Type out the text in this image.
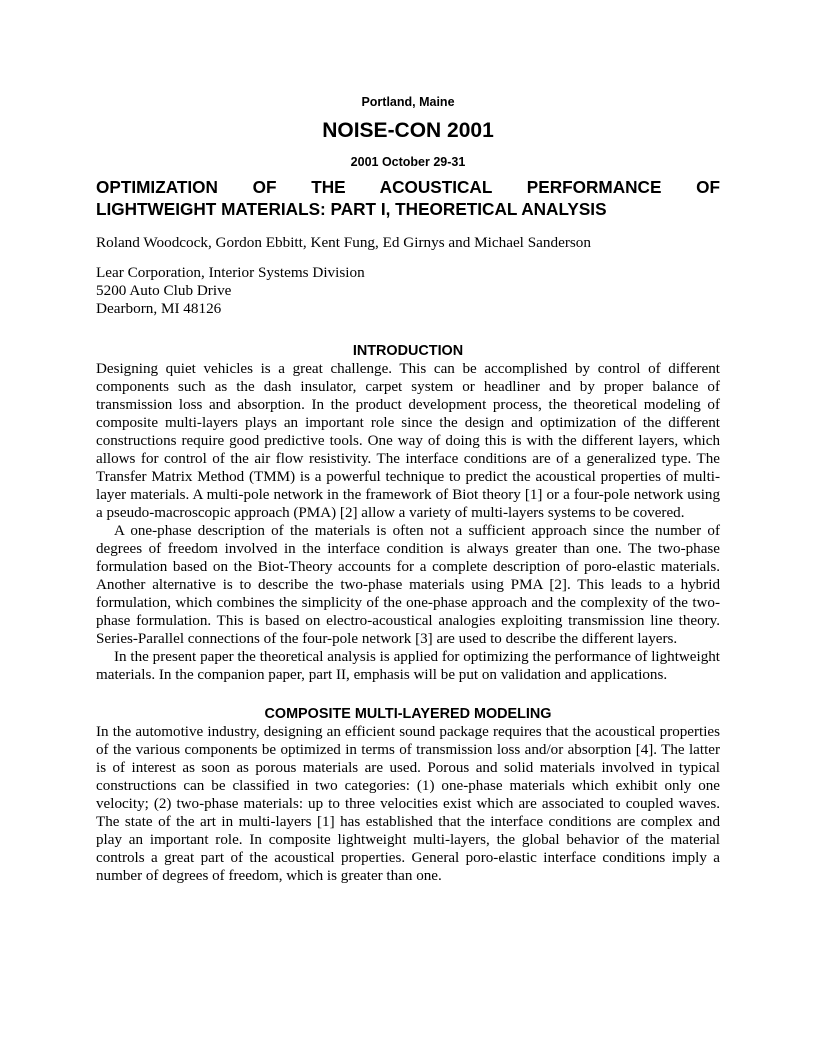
Portland, Maine

NOISE-CON 2001

2001 October 29-31

OPTIMIZATION OF THE ACOUSTICAL PERFORMANCE OF
LIGHTWEIGHT MATERIALS: PART I, THEORETICAL ANALYSIS

Roland Woodcock, Gordon Ebbitt, Kent Fung, Ed Girnys and Michael Sanderson

Lear Corporation, Interior Systems Division
5200 Auto Club Drive
Dearborn, MI 48126
INTRODUCTION

Designing quiet vehicles is a great challenge. This can be accomplished by control of different components such as the dash insulator, carpet system or headliner and by proper balance of transmission loss and absorption. In the product development process, the theoretical modeling of composite multi-layers plays an important role since the design and optimization of the different constructions require good predictive tools. One way of doing this is with the different layers, which allows for control of the air flow resistivity. The interface conditions are of a generalized type. The Transfer Matrix Method (TMM) is a powerful technique to predict the acoustical properties of multi-layer materials. A multi-pole network in the framework of Biot theory [1] or a four-pole network using a pseudo-macroscopic approach (PMA) [2] allow a variety of multi-layers systems to be covered.

A one-phase description of the materials is often not a sufficient approach since the number of degrees of freedom involved in the interface condition is always greater than one. The two-phase formulation based on the Biot-Theory accounts for a complete description of poro-elastic materials. Another alternative is to describe the two-phase materials using PMA [2]. This leads to a hybrid formulation, which combines the simplicity of the one-phase approach and the complexity of the two-phase formulation. This is based on electro-acoustical analogies exploiting transmission line theory. Series-Parallel connections of the four-pole network [3] are used to describe the different layers.

In the present paper the theoretical analysis is applied for optimizing the performance of lightweight materials. In the companion paper, part II, emphasis will be put on validation and applications.

COMPOSITE MULTI-LAYERED MODELING

In the automotive industry, designing an efficient sound package requires that the acoustical properties of the various components be optimized in terms of transmission loss and/or absorption [4]. The latter is of interest as soon as porous materials are used. Porous and solid materials involved in typical constructions can be classified in two categories: (1) one-phase materials which exhibit only one velocity; (2) two-phase materials: up to three velocities exist which are associated to coupled waves. The state of the art in multi-layers [1] has established that the interface conditions are complex and play an important role. In composite lightweight multi-layers, the global behavior of the material controls a great part of the acoustical properties. General poro-elastic interface conditions imply a number of degrees of freedom, which is greater than one.
